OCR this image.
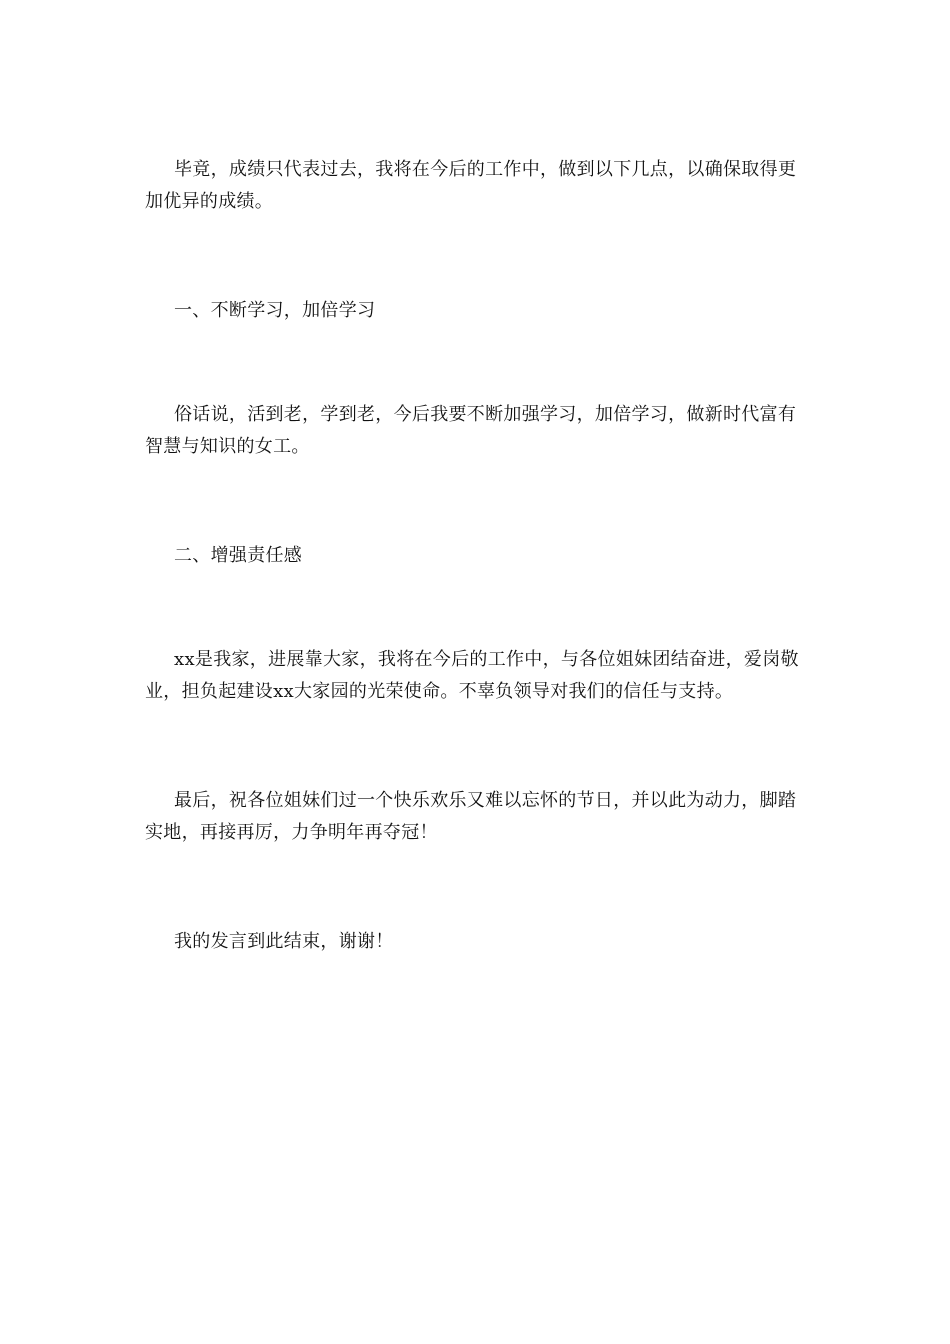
毕竟，成绩只代表过去，我将在今后的工作中，做到以下几点，以确保取得更加优异的成绩。

一、不断学习，加倍学习

俗话说，活到老，学到老，今后我要不断加强学习，加倍学习，做新时代富有智慧与知识的女工。

二、增强责任感

xx是我家，进展靠大家，我将在今后的工作中，与各位姐妹团结奋进，爱岗敬业，担负起建设xx大家园的光荣使命。不辜负领导对我们的信任与支持。

最后，祝各位姐妹们过一个快乐欢乐又难以忘怀的节日，并以此为动力，脚踏实地，再接再厉，力争明年再夺冠！

我的发言到此结束，谢谢！
